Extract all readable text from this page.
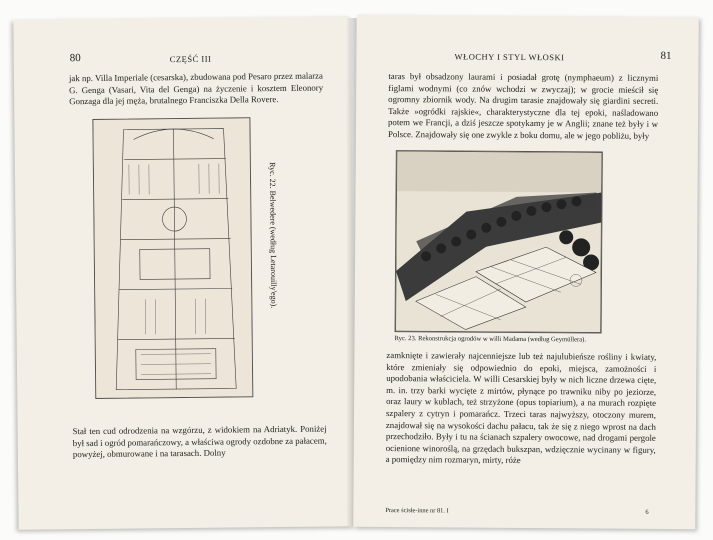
80	CZĘŚĆ III
jak np. Villa Imperiale (cesarska), zbudowana pod Pesaro przez malarza G. Genga (Vasari, Vita del Genga) na życzenie i kosztem Eleonory Gonzaga dla jej męża, brutalnego Franciszka Della Rovere.
Ryc. 22. Belwedere (według Letarouilly'ego).
Stał ten cud odrodzenia na wzgórzu, z widokiem na Adriatyk. Poniżej był sad i ogród pomarańczowy, a właściwa ogrody ozdobne za pałacem, powyżej, obmurowane i na tarasach. Dolny
WŁOCHY I STYL WŁOSKI	81
taras był obsadzony laurami i posiadał grotę (nymphaeum) z licznymi figlami wodnymi (co znów wchodzi w zwyczaj); w grocie mieścił się ogromny zbiornik wody. Na drugim tarasie znajdowały się giardini secreti. Także »ogródki rajskie«, charakterystyczne dla tej epoki, naśladowano potem we Francji, a dziś jeszcze spotykamy je w Anglii; znane też były i w Polsce. Znajdowały się one zwykle z boku domu, ale w jego pobliżu, były
Ryc. 23. Rekonstrukcja ogrodów w willi Madama (według Geymüllera).
zamknięte i zawierały najcenniejsze lub też najulubieńsze rośliny i kwiaty, które zmieniały się odpowiednio do epoki, miejsca, zamożności i upodobania właściciela. W willi Cesarskiej były w nich liczne drzewa cięte, m. in. trzy barki wycięte z mirtów, płynące po trawniku niby po jeziorze, oraz laury w kublach, też strzyżone (opus topiarium), a na murach rozpięte szpalery z cytryn i pomarańcz. Trzeci taras najwyższy, otoczony murem, znajdował się na wysokości dachu pałacu, tak że się z niego wprost na dach przechodziło. Były i tu na ścianach szpalery owocowe, nad drogami pergole ocienione winoroślą, na grzędach bukszpan, wdzięcznie wycinany w figury, a pomiędzy nim rozmaryn, mirty, róże
Prace ścisłe-inne nr 81. I	6
